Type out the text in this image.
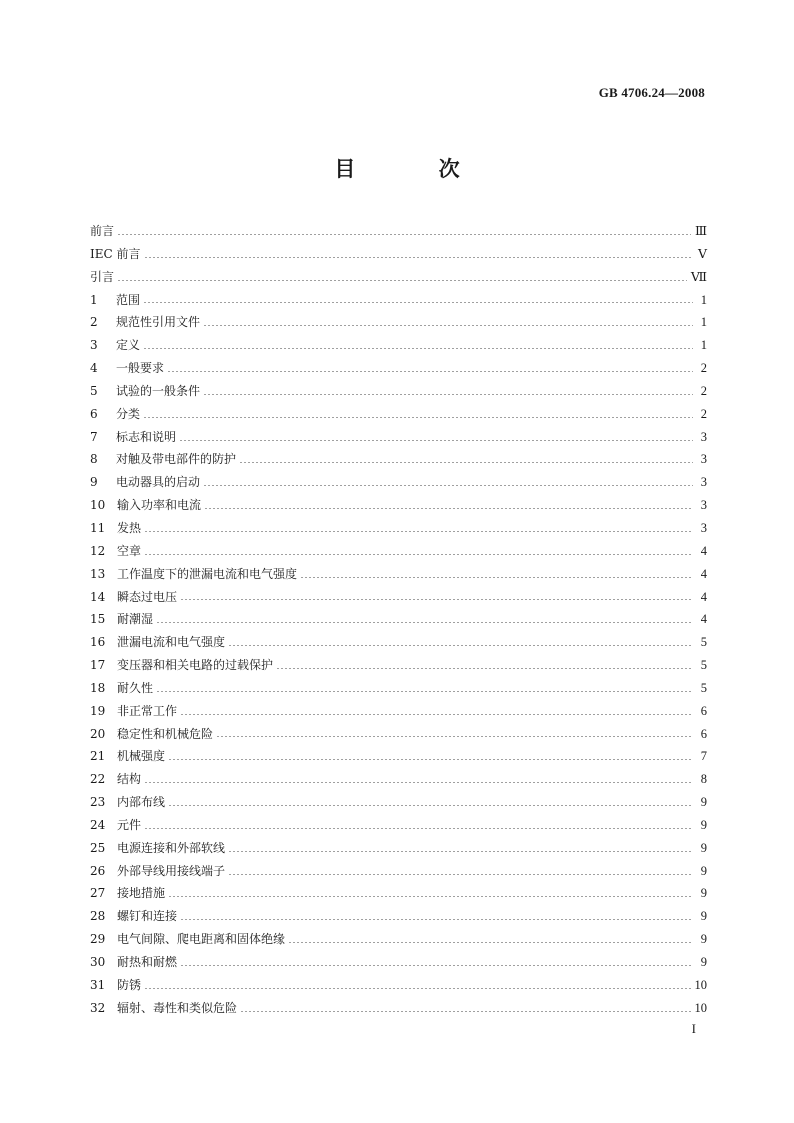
GB 4706.24—2008
目 次
前言	Ⅲ
IEC 前言	Ⅴ
引言	Ⅶ
1	范围	1
2	规范性引用文件	1
3	定义	1
4	一般要求	2
5	试验的一般条件	2
6	分类	2
7	标志和说明	3
8	对触及带电部件的防护	3
9	电动器具的启动	3
10 输入功率和电流	3
11 发热	3
12 空章	4
13 工作温度下的泄漏电流和电气强度	4
14 瞬态过电压	4
15 耐潮湿	4
16 泄漏电流和电气强度	5
17 变压器和相关电路的过载保护	5
18 耐久性	5
19 非正常工作	6
20 稳定性和机械危险	6
21 机械强度	7
22 结构	8
23 内部布线	9
24 元件	9
25 电源连接和外部软线	9
26 外部导线用接线端子	9
27 接地措施	9
28 螺钉和连接	9
29 电气间隙、爬电距离和固体绝缘	9
30 耐热和耐燃	9
31 防锈	10
32 辐射、毒性和类似危险	10
I
